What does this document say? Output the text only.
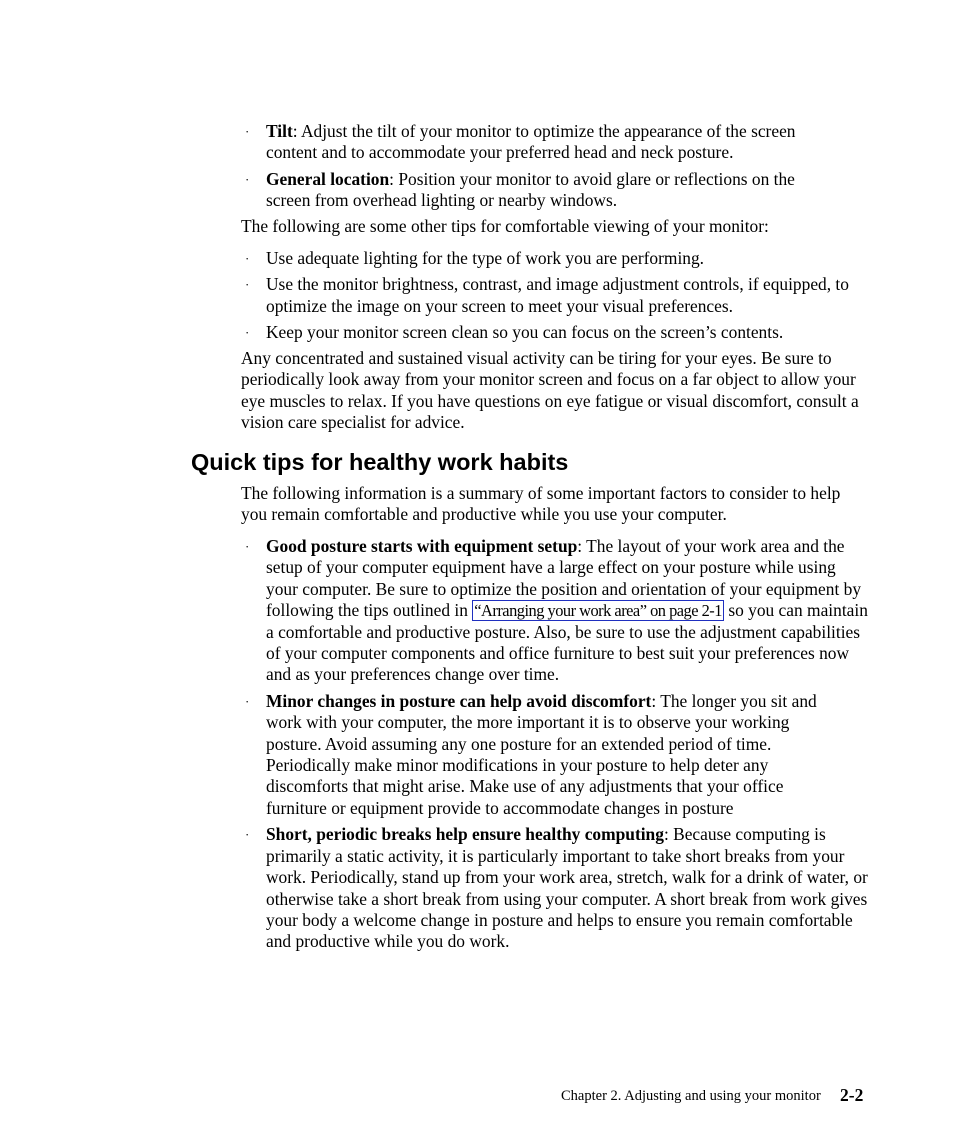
· Tilt: Adjust the tilt of your monitor to optimize the appearance of the screen content and to accommodate your preferred head and neck posture.
· General location: Position your monitor to avoid glare or reflections on the screen from overhead lighting or nearby windows.

The following are some other tips for comfortable viewing of your monitor:

· Use adequate lighting for the type of work you are performing.
· Use the monitor brightness, contrast, and image adjustment controls, if equipped, to optimize the image on your screen to meet your visual preferences.
· Keep your monitor screen clean so you can focus on the screen’s contents.

Any concentrated and sustained visual activity can be tiring for your eyes. Be sure to periodically look away from your monitor screen and focus on a far object to allow your eye muscles to relax. If you have questions on eye fatigue or visual discomfort, consult a vision care specialist for advice.

Quick tips for healthy work habits

The following information is a summary of some important factors to consider to help you remain comfortable and productive while you use your computer.

· Good posture starts with equipment setup: The layout of your work area and the setup of your computer equipment have a large effect on your posture while using your computer. Be sure to optimize the position and orientation of your equipment by following the tips outlined in “Arranging your work area” on page 2-1 so you can maintain a comfortable and productive posture. Also, be sure to use the adjustment capabilities of your computer components and office furniture to best suit your preferences now and as your preferences change over time.
· Minor changes in posture can help avoid discomfort: The longer you sit and work with your computer, the more important it is to observe your working posture. Avoid assuming any one posture for an extended period of time. Periodically make minor modifications in your posture to help deter any discomforts that might arise. Make use of any adjustments that your office furniture or equipment provide to accommodate changes in posture
· Short, periodic breaks help ensure healthy computing: Because computing is primarily a static activity, it is particularly important to take short breaks from your work. Periodically, stand up from your work area, stretch, walk for a drink of water, or otherwise take a short break from using your computer. A short break from work gives your body a welcome change in posture and helps to ensure you remain comfortable and productive while you do work.
Chapter 2. Adjusting and using your monitor 2-2
